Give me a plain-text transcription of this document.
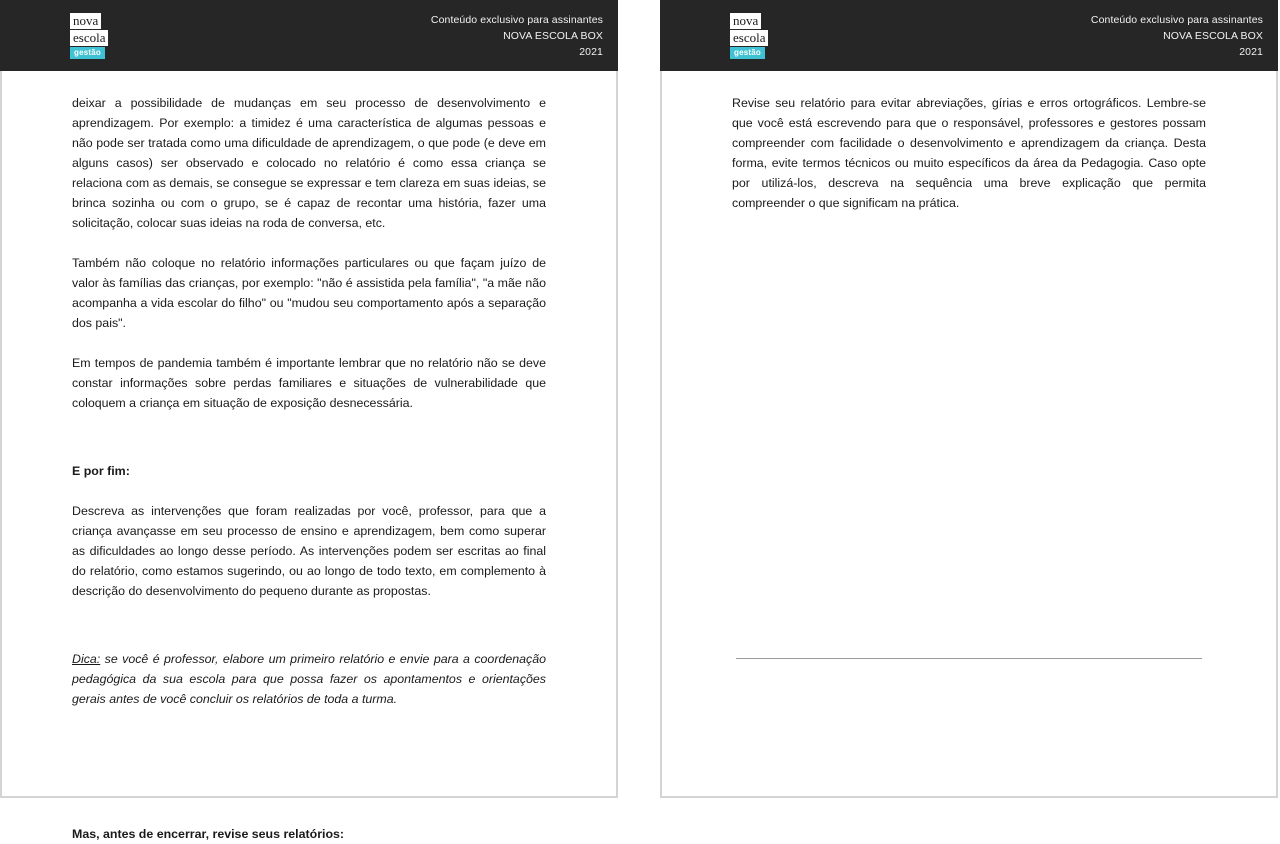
nova
escola
gestão
Conteúdo exclusivo para assinantes
NOVA ESCOLA BOX
2021

deixar a possibilidade de mudanças em seu processo de desenvolvimento e aprendizagem. Por exemplo: a timidez é uma característica de algumas pessoas e não pode ser tratada como uma dificuldade de aprendizagem, o que pode (e deve em alguns casos) ser observado e colocado no relatório é como essa criança se relaciona com as demais, se consegue se expressar e tem clareza em suas ideias, se brinca sozinha ou com o grupo, se é capaz de recontar uma história, fazer uma solicitação, colocar suas ideias na roda de conversa, etc.

Também não coloque no relatório informações particulares ou que façam juízo de valor às famílias das crianças, por exemplo: "não é assistida pela família", "a mãe não acompanha a vida escolar do filho" ou "mudou seu comportamento após a separação dos pais".

Em tempos de pandemia também é importante lembrar que no relatório não se deve constar informações sobre perdas familiares e situações de vulnerabilidade que coloquem a criança em situação de exposição desnecessária.

E por fim:

Descreva as intervenções que foram realizadas por você, professor, para que a criança avançasse em seu processo de ensino e aprendizagem, bem como superar as dificuldades ao longo desse período. As intervenções podem ser escritas ao final do relatório, como estamos sugerindo, ou ao longo de todo texto, em complemento à descrição do desenvolvimento do pequeno durante as propostas.

Dica: se você é professor, elabore um primeiro relatório e envie para a coordenação pedagógica da sua escola para que possa fazer os apontamentos e orientações gerais antes de você concluir os relatórios de toda a turma.

Mas, antes de encerrar, revise seus relatórios:

nova
escola
gestão
Conteúdo exclusivo para assinantes
NOVA ESCOLA BOX
2021

Revise seu relatório para evitar abreviações, gírias e erros ortográficos. Lembre-se que você está escrevendo para que o responsável, professores e gestores possam compreender com facilidade o desenvolvimento e aprendizagem da criança. Desta forma, evite termos técnicos ou muito específicos da área da Pedagogia. Caso opte por utilizá-los, descreva na sequência uma breve explicação que permita compreender o que significam na prática.
